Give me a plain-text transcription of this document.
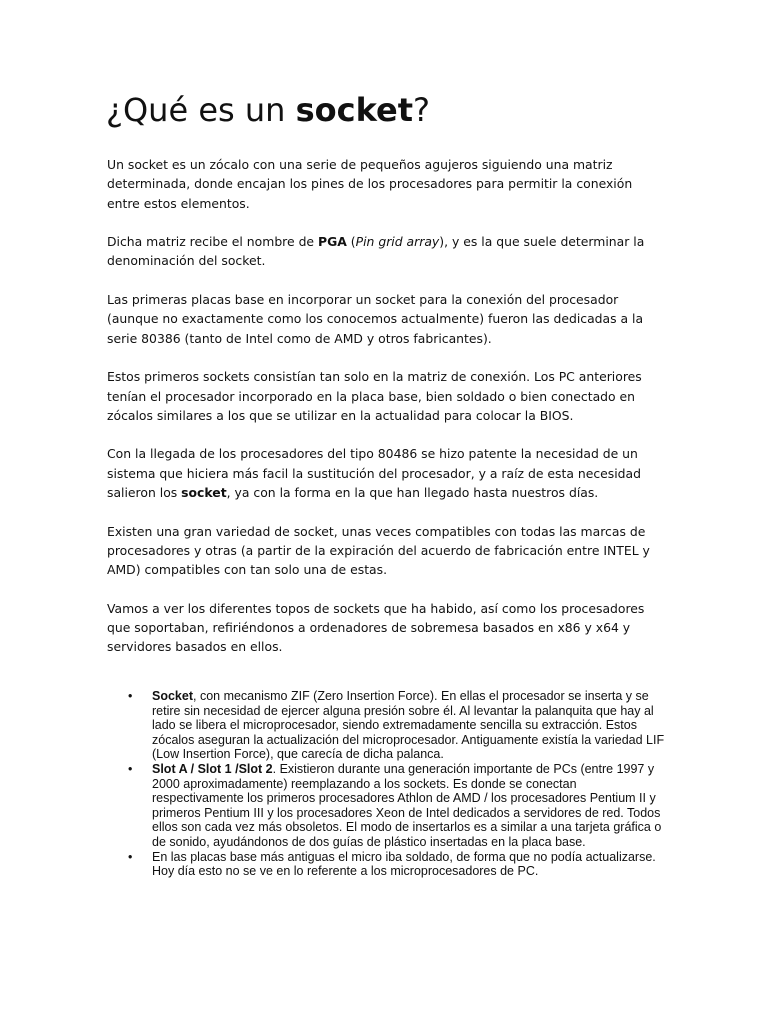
¿Qué es un socket?

Un socket es un zócalo con una serie de pequeños agujeros siguiendo una matriz determinada, donde encajan los pines de los procesadores para permitir la conexión entre estos elementos.

Dicha matriz recibe el nombre de PGA (Pin grid array), y es la que suele determinar la denominación del socket.

Las primeras placas base en incorporar un socket para la conexión del procesador (aunque no exactamente como los conocemos actualmente) fueron las dedicadas a la serie 80386 (tanto de Intel como de AMD y otros fabricantes).

Estos primeros sockets consistían tan solo en la matriz de conexión. Los PC anteriores tenían el procesador incorporado en la placa base, bien soldado o bien conectado en zócalos similares a los que se utilizar en la actualidad para colocar la BIOS.

Con la llegada de los procesadores del tipo 80486 se hizo patente la necesidad de un sistema que hiciera más facil la sustitución del procesador, y a raíz de esta necesidad salieron los socket, ya con la forma en la que han llegado hasta nuestros días.

Existen una gran variedad de socket, unas veces compatibles con todas las marcas de procesadores y otras (a partir de la expiración del acuerdo de fabricación entre INTEL y AMD) compatibles con tan solo una de estas.

Vamos a ver los diferentes topos de sockets que ha habido, así como los procesadores que soportaban, refiriéndonos a ordenadores de sobremesa basados en x86 y x64 y servidores basados en ellos.

•	Socket, con mecanismo ZIF (Zero Insertion Force). En ellas el procesador se inserta y se retire sin necesidad de ejercer alguna presión sobre él. Al levantar la palanquita que hay al lado se libera el microprocesador, siendo extremadamente sencilla su extracción. Estos zócalos aseguran la actualización del microprocesador. Antiguamente existía la variedad LIF (Low Insertion Force), que carecía de dicha palanca.
•	Slot A / Slot 1 /Slot 2. Existieron durante una generación importante de PCs (entre 1997 y 2000 aproximadamente) reemplazando a los sockets. Es donde se conectan respectivamente los primeros procesadores Athlon de AMD / los procesadores Pentium II y primeros Pentium III y los procesadores Xeon de Intel dedicados a servidores de red. Todos ellos son cada vez más obsoletos. El modo de insertarlos es a similar a una tarjeta gráfica o de sonido, ayudándonos de dos guías de plástico insertadas en la placa base.
•	En las placas base más antiguas el micro iba soldado, de forma que no podía actualizarse. Hoy día esto no se ve en lo referente a los microprocesadores de PC.
